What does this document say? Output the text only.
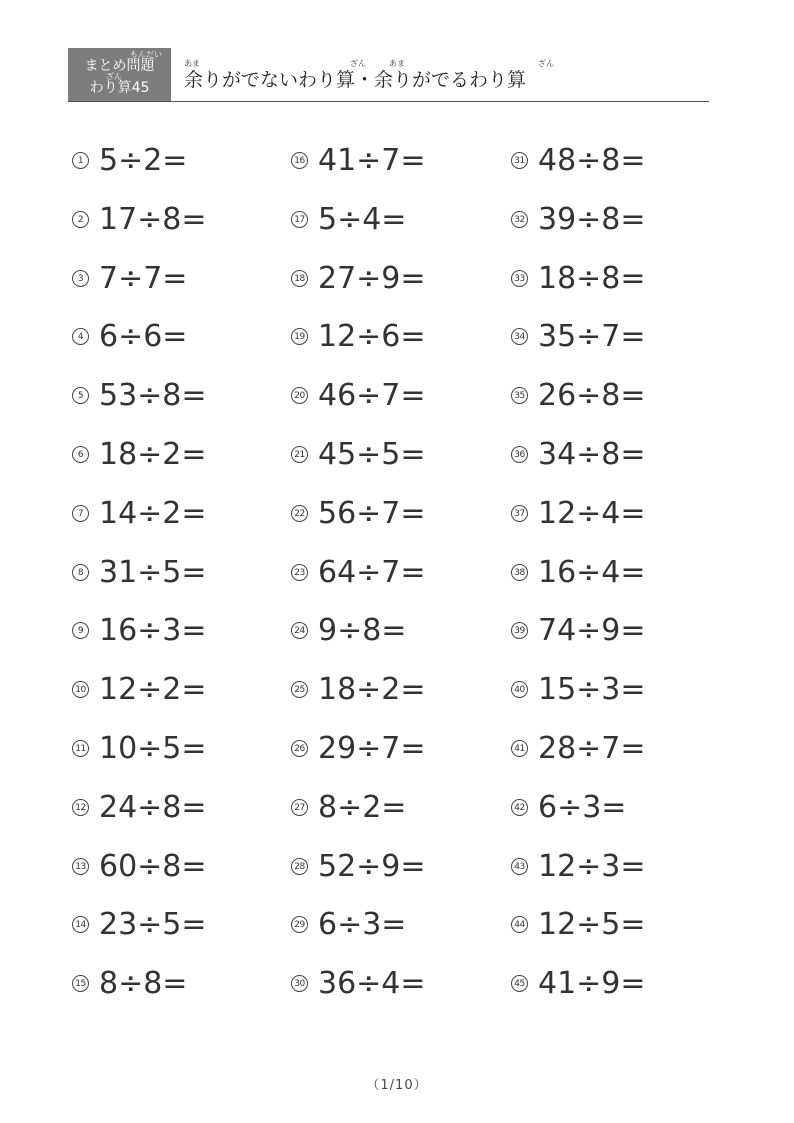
もんだい
まとめ問題
ざん
わり算45
あま	ざん	あま	ざん
余りがでないわり算・余りがでるわり算
1 5÷2=
2 17÷8=
3 7÷7=
4 6÷6=
5 53÷8=
6 18÷2=
7 14÷2=
8 31÷5=
9 16÷3=
10 12÷2=
11 10÷5=
12 24÷8=
13 60÷8=
14 23÷5=
15 8÷8=
16 41÷7=
17 5÷4=
18 27÷9=
19 12÷6=
20 46÷7=
21 45÷5=
22 56÷7=
23 64÷7=
24 9÷8=
25 18÷2=
26 29÷7=
27 8÷2=
28 52÷9=
29 6÷3=
30 36÷4=
31 48÷8=
32 39÷8=
33 18÷8=
34 35÷7=
35 26÷8=
36 34÷8=
37 12÷4=
38 16÷4=
39 74÷9=
40 15÷3=
41 28÷7=
42 6÷3=
43 12÷3=
44 12÷5=
45 41÷9=
（1/10）
